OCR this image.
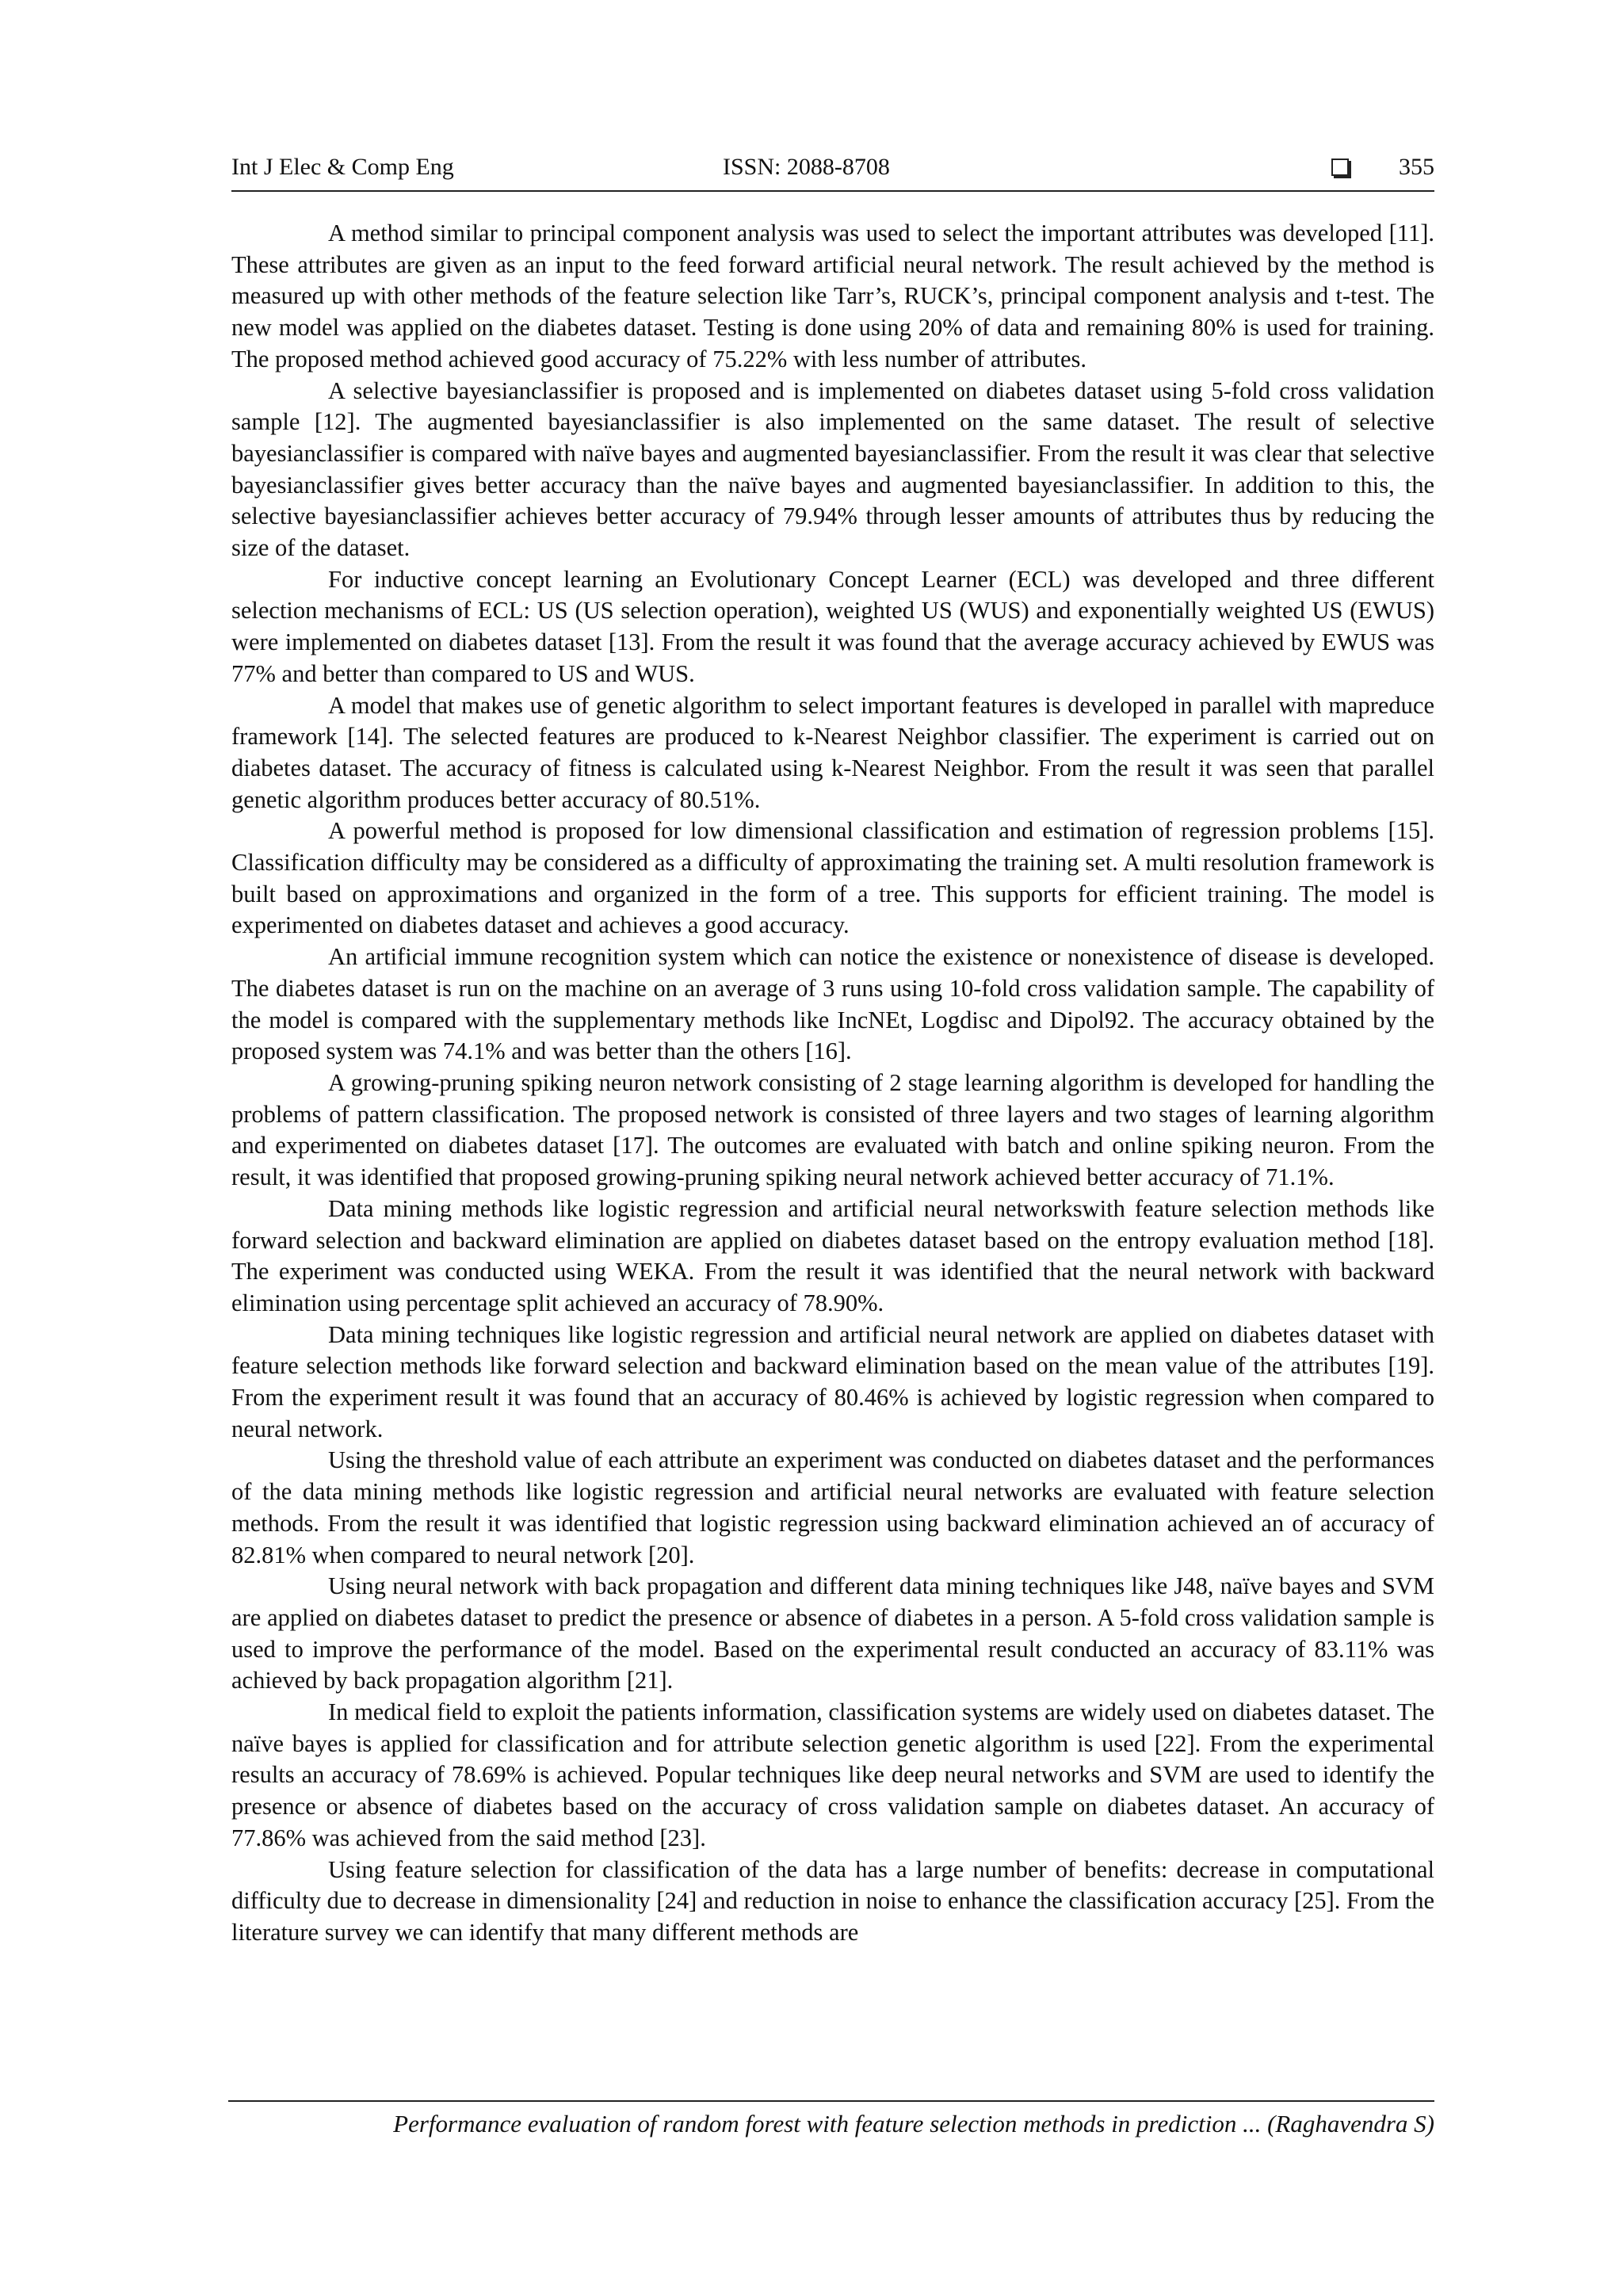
Int J Elec & Comp Eng	ISSN: 2088-8708	355

A method similar to principal component analysis was used to select the important attributes was developed [11]. These attributes are given as an input to the feed forward artificial neural network. The result achieved by the method is measured up with other methods of the feature selection like Tarr’s, RUCK’s, principal component analysis and t-test. The new model was applied on the diabetes dataset. Testing is done using 20% of data and remaining 80% is used for training. The proposed method achieved good accuracy of 75.22% with less number of attributes.

A selective bayesianclassifier is proposed and is implemented on diabetes dataset using 5-fold cross validation sample [12]. The augmented bayesianclassifier is also implemented on the same dataset. The result of selective bayesianclassifier is compared with naïve bayes and augmented bayesianclassifier. From the result it was clear that selective bayesianclassifier gives better accuracy than the naïve bayes and augmented bayesianclassifier. In addition to this, the selective bayesianclassifier achieves better accuracy of 79.94% through lesser amounts of attributes thus by reducing the size of the dataset.

For inductive concept learning an Evolutionary Concept Learner (ECL) was developed and three different selection mechanisms of ECL: US (US selection operation), weighted US (WUS) and exponentially weighted US (EWUS) were implemented on diabetes dataset [13]. From the result it was found that the average accuracy achieved by EWUS was 77% and better than compared to US and WUS.

A model that makes use of genetic algorithm to select important features is developed in parallel with mapreduce framework [14]. The selected features are produced to k-Nearest Neighbor classifier. The experiment is carried out on diabetes dataset. The accuracy of fitness is calculated using k-Nearest Neighbor. From the result it was seen that parallel genetic algorithm produces better accuracy of 80.51%.

A powerful method is proposed for low dimensional classification and estimation of regression problems [15]. Classification difficulty may be considered as a difficulty of approximating the training set. A multi resolution framework is built based on approximations and organized in the form of a tree. This supports for efficient training. The model is experimented on diabetes dataset and achieves a good accuracy.

An artificial immune recognition system which can notice the existence or nonexistence of disease is developed. The diabetes dataset is run on the machine on an average of 3 runs using 10-fold cross validation sample. The capability of the model is compared with the supplementary methods like IncNEt, Logdisc and Dipol92. The accuracy obtained by the proposed system was 74.1% and was better than the others [16].

A growing-pruning spiking neuron network consisting of 2 stage learning algorithm is developed for handling the problems of pattern classification. The proposed network is consisted of three layers and two stages of learning algorithm and experimented on diabetes dataset [17]. The outcomes are evaluated with batch and online spiking neuron. From the result, it was identified that proposed growing-pruning spiking neural network achieved better accuracy of 71.1%.

Data mining methods like logistic regression and artificial neural networkswith feature selection methods like forward selection and backward elimination are applied on diabetes dataset based on the entropy evaluation method [18]. The experiment was conducted using WEKA. From the result it was identified that the neural network with backward elimination using percentage split achieved an accuracy of 78.90%.

Data mining techniques like logistic regression and artificial neural network are applied on diabetes dataset with feature selection methods like forward selection and backward elimination based on the mean value of the attributes [19]. From the experiment result it was found that an accuracy of 80.46% is achieved by logistic regression when compared to neural network.

Using the threshold value of each attribute an experiment was conducted on diabetes dataset and the performances of the data mining methods like logistic regression and artificial neural networks are evaluated with feature selection methods. From the result it was identified that logistic regression using backward elimination achieved an of accuracy of 82.81% when compared to neural network [20].

Using neural network with back propagation and different data mining techniques like J48, naïve bayes and SVM are applied on diabetes dataset to predict the presence or absence of diabetes in a person. A 5-fold cross validation sample is used to improve the performance of the model. Based on the experimental result conducted an accuracy of 83.11% was achieved by back propagation algorithm [21].

In medical field to exploit the patients information, classification systems are widely used on diabetes dataset. The naïve bayes is applied for classification and for attribute selection genetic algorithm is used [22]. From the experimental results an accuracy of 78.69% is achieved. Popular techniques like deep neural networks and SVM are used to identify the presence or absence of diabetes based on the accuracy of cross validation sample on diabetes dataset. An accuracy of 77.86% was achieved from the said method [23].

Using feature selection for classification of the data has a large number of benefits: decrease in computational difficulty due to decrease in dimensionality [24] and reduction in noise to enhance the classification accuracy [25]. From the literature survey we can identify that many different methods are

Performance evaluation of random forest with feature selection methods in prediction ... (Raghavendra S)
